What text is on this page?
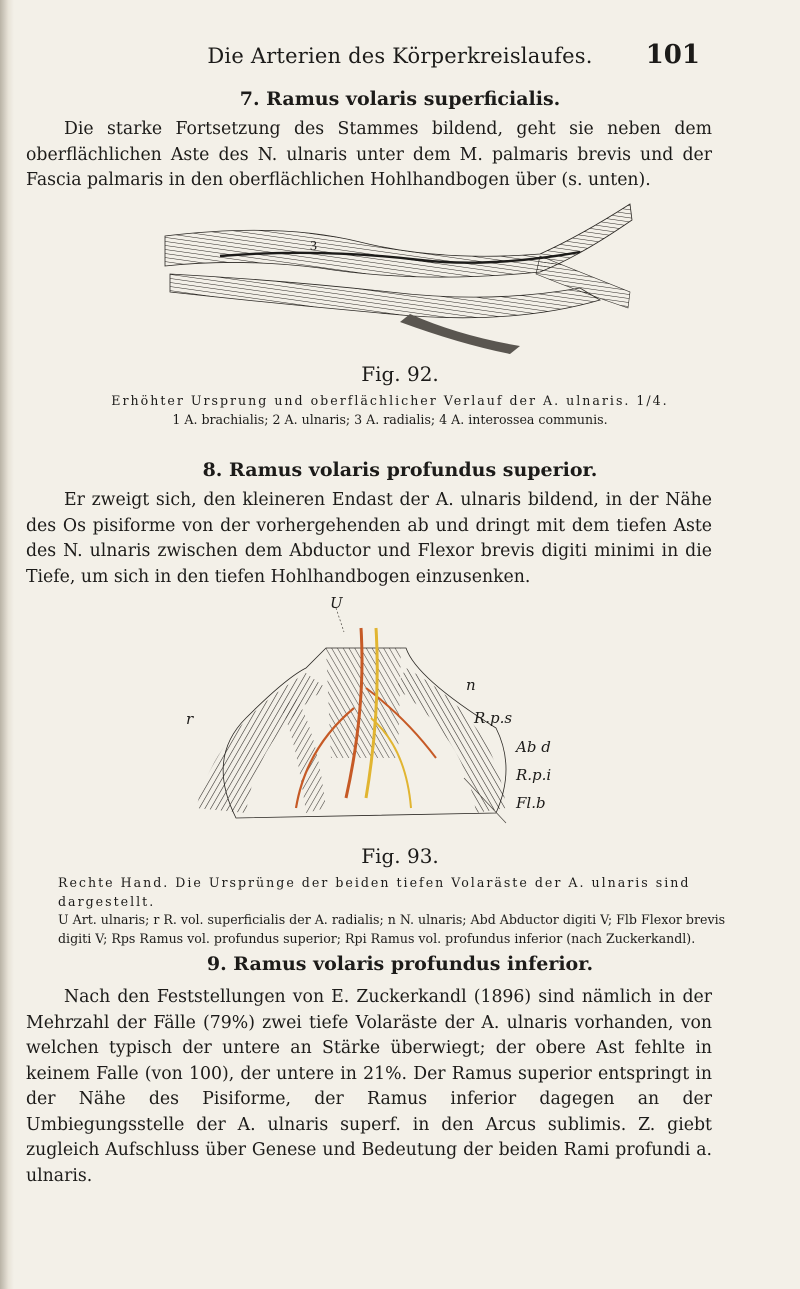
Die Arterien des Körperkreislaufes.	101
7. Ramus volaris superficialis.

Die starke Fortsetzung des Stammes bildend, geht sie neben dem oberflächlichen Aste des N. ulnaris unter dem M. palmaris brevis und der Fascia palmaris in den oberflächlichen Hohlhandbogen über (s. unten).

3
Fig. 92.
Erhöhter Ursprung und oberflächlicher Verlauf der A. ulnaris. 1/4.
1 A. brachialis; 2 A. ulnaris; 3 A. radialis; 4 A. interossea communis.
8. Ramus volaris profundus superior.

Er zweigt sich, den kleineren Endast der A. ulnaris bildend, in der Nähe des Os pisiforme von der vorhergehenden ab und dringt mit dem tiefen Aste des N. ulnaris zwischen dem Abductor und Flexor brevis digiti minimi in die Tiefe, um sich in den tiefen Hohlhandbogen einzusenken.

U
n
R.p.s
r
Ab d
R.p.i
Fl.b
Fig. 93.
Rechte Hand. Die Ursprünge der beiden tiefen Volaräste der A. ulnaris sind dargestellt.
U Art. ulnaris; r R. vol. superficialis der A. radialis; n N. ulnaris; Abd Abductor digiti V; Flb Flexor brevis digiti V; Rps Ramus vol. profundus superior; Rpi Ramus vol. profundus inferior (nach Zuckerkandl).
9. Ramus volaris profundus inferior.

Nach den Feststellungen von E. Zuckerkandl (1896) sind nämlich in der Mehrzahl der Fälle (79%) zwei tiefe Volaräste der A. ulnaris vorhanden, von welchen typisch der untere an Stärke überwiegt; der obere Ast fehlte in keinem Falle (von 100), der untere in 21%. Der Ramus superior entspringt in der Nähe des Pisiforme, der Ramus inferior dagegen an der Umbiegungsstelle der A. ulnaris superf. in den Arcus sublimis. Z. giebt zugleich Aufschluss über Genese und Bedeutung der beiden Rami profundi a. ulnaris.
